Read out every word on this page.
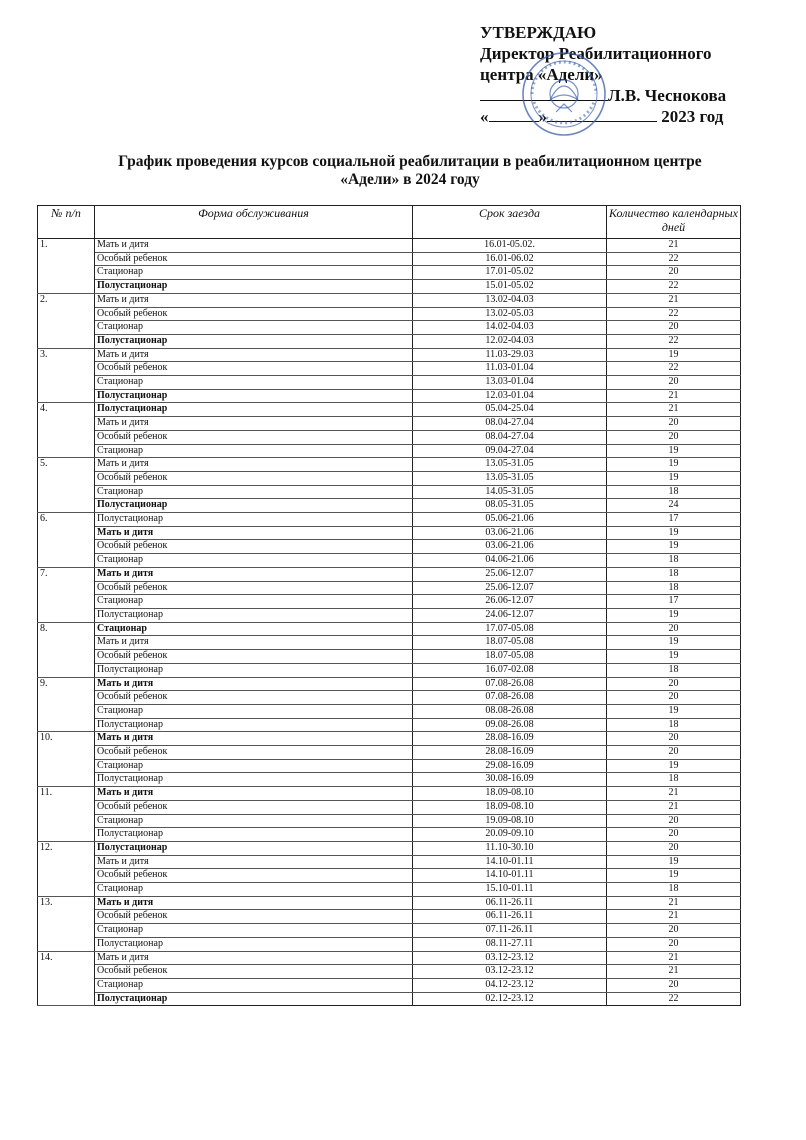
УТВЕРЖДАЮ
Директор Реабилитационного
центра «Адели»
Л.В. Чеснокова
«	»	2023 год
График проведения курсов социальной реабилитации в реабилитационном центре
«Адели» в 2024 году
№ п/п	Форма обслуживания	Срок заезда	Количество календарных дней
1.	Мать и дитя	16.01-05.02.	21
	Особый ребенок	16.01-06.02	22
	Стационар	17.01-05.02	20
	Полустационар	15.01-05.02	22
2.	Мать и дитя	13.02-04.03	21
	Особый ребенок	13.02-05.03	22
	Стационар	14.02-04.03	20
	Полустационар	12.02-04.03	22
3.	Мать и дитя	11.03-29.03	19
	Особый ребенок	11.03-01.04	22
	Стационар	13.03-01.04	20
	Полустационар	12.03-01.04	21
4.	Полустационар	05.04-25.04	21
	Мать и дитя	08.04-27.04	20
	Особый ребенок	08.04-27.04	20
	Стационар	09.04-27.04	19
5.	Мать и дитя	13.05-31.05	19
	Особый ребенок	13.05-31.05	19
	Стационар	14.05-31.05	18
	Полустационар	08.05-31.05	24
6.	Полустационар	05.06-21.06	17
	Мать и дитя	03.06-21.06	19
	Особый ребенок	03.06-21.06	19
	Стационар	04.06-21.06	18
7.	Мать и дитя	25.06-12.07	18
	Особый ребенок	25.06-12.07	18
	Стационар	26.06-12.07	17
	Полустационар	24.06-12.07	19
8.	Стационар	17.07-05.08	20
	Мать и дитя	18.07-05.08	19
	Особый ребенок	18.07-05.08	19
	Полустационар	16.07-02.08	18
9.	Мать и дитя	07.08-26.08	20
	Особый ребенок	07.08-26.08	20
	Стационар	08.08-26.08	19
	Полустационар	09.08-26.08	18
10.	Мать и дитя	28.08-16.09	20
	Особый ребенок	28.08-16.09	20
	Стационар	29.08-16.09	19
	Полустационар	30.08-16.09	18
11.	Мать и дитя	18.09-08.10	21
	Особый ребенок	18.09-08.10	21
	Стационар	19.09-08.10	20
	Полустационар	20.09-09.10	20
12.	Полустационар	11.10-30.10	20
	Мать и дитя	14.10-01.11	19
	Особый ребенок	14.10-01.11	19
	Стационар	15.10-01.11	18
13.	Мать и дитя	06.11-26.11	21
	Особый ребенок	06.11-26.11	21
	Стационар	07.11-26.11	20
	Полустационар	08.11-27.11	20
14.	Мать и дитя	03.12-23.12	21
	Особый ребенок	03.12-23.12	21
	Стационар	04.12-23.12	20
	Полустационар	02.12-23.12	22
